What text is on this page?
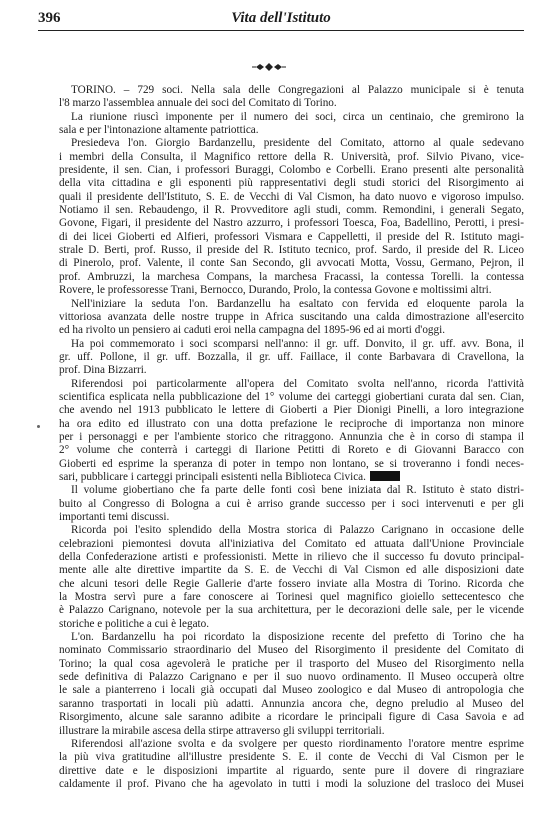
396	Vita dell'Istituto
TORINO. – 729 soci. Nella sala delle Congregazioni al Palazzo municipale si è tenuta
l'8 marzo l'assemblea annuale dei soci del Comitato di Torino.
La riunione riuscì imponente per il numero dei soci, circa un centinaio, che gremirono la
sala e per l'intonazione altamente patriottica.
Presiedeva l'on. Giorgio Bardanzellu, presidente del Comitato, attorno al quale sedevano
i membri della Consulta, il Magnifico rettore della R. Università, prof. Silvio Pivano, vice-
presidente, il sen. Cian, i professori Buraggi, Colombo e Corbelli. Erano presenti alte personalità
della vita cittadina e gli esponenti più rappresentativi degli studi storici del Risorgimento ai
quali il presidente dell'Istituto, S. E. de Vecchi di Val Cismon, ha dato nuovo e vigoroso impulso.
Notiamo il sen. Rebaudengo, il R. Provveditore agli studi, comm. Remondini, i generali Segato,
Govone, Figari, il presidente del Nastro azzurro, i professori Toesca, Foa, Badellino, Perotti, i presi-
di dei licei Gioberti ed Alfieri, professori Vismara e Cappelletti, il preside del R. Istituto magi-
strale D. Berti, prof. Russo, il preside del R. Istituto tecnico, prof. Sardo, il preside del R. Liceo
di Pinerolo, prof. Valente, il conte San Secondo, gli avvocati Motta, Vossu, Germano, Pejron, il
prof. Ambruzzi, la marchesa Compans, la marchesa Fracassi, la contessa Torelli. la contessa
Rovere, le professoresse Trani, Bernocco, Durando, Prolo, la contessa Govone e moltissimi altri.
Nell'iniziare la seduta l'on. Bardanzellu ha esaltato con fervida ed eloquente parola la
vittoriosa avanzata delle nostre truppe in Africa suscitando una calda dimostrazione all'esercito
ed ha rivolto un pensiero ai caduti eroi nella campagna del 1895-96 ed ai morti d'oggi.
Ha poi commemorato i soci scomparsi nell'anno: il gr. uff. Donvito, il gr. uff. avv. Bona, il
gr. uff. Pollone, il gr. uff. Bozzalla, il gr. uff. Faillace, il conte Barbavara di Cravellona, la
prof. Dina Bizzarri.
Riferendosi poi particolarmente all'opera del Comitato svolta nell'anno, ricorda l'attività
scientifica esplicata nella pubblicazione del 1° volume dei carteggi giobertiani curata dal sen. Cian,
che avendo nel 1913 pubblicato le lettere di Gioberti a Pier Dionigi Pinelli, a loro integrazione
ha ora edito ed illustrato con una dotta prefazione le reciproche di importanza non minore
per i personaggi e per l'ambiente storico che ritraggono. Annunzia che è in corso di stampa il
2° volume che conterrà i carteggi di Ilarione Petitti di Roreto e di Giovanni Baracco con
Gioberti ed esprime la speranza di poter in tempo non lontano, se si troveranno i fondi neces-
sari, pubblicare i carteggi principali esistenti nella Biblioteca Civica.
Il volume giobertiano che fa parte delle fonti così bene iniziata dal R. Istituto è stato distri-
buito al Congresso di Bologna a cui è arriso grande successo per i soci intervenuti e per gli
importanti temi discussi.
Ricorda poi l'esito splendido della Mostra storica di Palazzo Carignano in occasione delle
celebrazioni piemontesi dovuta all'iniziativa del Comitato ed attuata dall'Unione Provinciale
della Confederazione artisti e professionisti. Mette in rilievo che il successo fu dovuto principal-
mente alle alte direttive impartite da S. E. de Vecchi di Val Cismon ed alle disposizioni date
che alcuni tesori delle Regie Gallerie d'arte fossero inviate alla Mostra di Torino. Ricorda che
la Mostra servì pure a fare conoscere ai Torinesi quel magnifico gioiello settecentesco che
è Palazzo Carignano, notevole per la sua architettura, per le decorazioni delle sale, per le vicende
storiche e politiche a cui è legato.
L'on. Bardanzellu ha poi ricordato la disposizione recente del prefetto di Torino che ha
nominato Commissario straordinario del Museo del Risorgimento il presidente del Comitato di
Torino; la qual cosa agevolerà le pratiche per il trasporto del Museo del Risorgimento nella
sede definitiva di Palazzo Carignano e per il suo nuovo ordinamento. Il Museo occuperà oltre
le sale a pianterreno i locali già occupati dal Museo zoologico e dal Museo di antropologia che
saranno trasportati in locali più adatti. Annunzia ancora che, degno preludio al Museo del
Risorgimento, alcune sale saranno adibite a ricordare le principali figure di Casa Savoia e ad
illustrare la mirabile ascesa della stirpe attraverso gli sviluppi territoriali.
Riferendosi all'azione svolta e da svolgere per questo riordinamento l'oratore mentre esprime
la più viva gratitudine all'illustre presidente S. E. il conte de Vecchi di Val Cismon per le
direttive date e le disposizioni impartite al riguardo, sente pure il dovere di ringraziare
caldamente il prof. Pivano che ha agevolato in tutti i modi la soluzione del trasloco dei Musei
